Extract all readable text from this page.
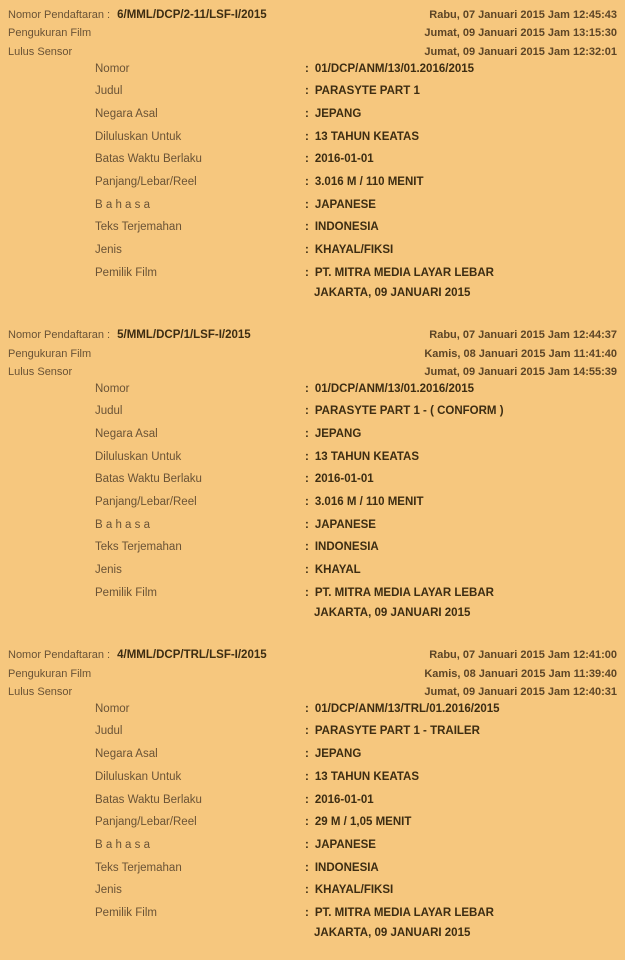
Nomor Pendaftaran : 6/MML/DCP/2-11/LSF-I/2015	Rabu, 07 Januari 2015 Jam 12:45:43
Pengukuran Film	Jumat, 09 Januari 2015 Jam 13:15:30
Lulus Sensor	Jumat, 09 Januari 2015 Jam 12:32:01
Nomor	: 01/DCP/ANM/13/01.2016/2015
Judul	: PARASYTE PART 1
Negara Asal	: JEPANG
Diluluskan Untuk	: 13 TAHUN KEATAS
Batas Waktu Berlaku	: 2016-01-01
Panjang/Lebar/Reel	: 3.016 M / 110 MENIT
B a h a s a	: JAPANESE
Teks Terjemahan	: INDONESIA
Jenis	: KHAYAL/FIKSI
Pemilik Film	: PT. MITRA MEDIA LAYAR LEBAR
JAKARTA, 09 JANUARI 2015
Nomor Pendaftaran : 5/MML/DCP/1/LSF-I/2015	Rabu, 07 Januari 2015 Jam 12:44:37
Pengukuran Film	Kamis, 08 Januari 2015 Jam 11:41:40
Lulus Sensor	Jumat, 09 Januari 2015 Jam 14:55:39
Nomor	: 01/DCP/ANM/13/01.2016/2015
Judul	: PARASYTE PART 1 - ( CONFORM )
Negara Asal	: JEPANG
Diluluskan Untuk	: 13 TAHUN KEATAS
Batas Waktu Berlaku	: 2016-01-01
Panjang/Lebar/Reel	: 3.016 M / 110 MENIT
B a h a s a	: JAPANESE
Teks Terjemahan	: INDONESIA
Jenis	: KHAYAL
Pemilik Film	: PT. MITRA MEDIA LAYAR LEBAR
JAKARTA, 09 JANUARI 2015
Nomor Pendaftaran : 4/MML/DCP/TRL/LSF-I/2015	Rabu, 07 Januari 2015 Jam 12:41:00
Pengukuran Film	Kamis, 08 Januari 2015 Jam 11:39:40
Lulus Sensor	Jumat, 09 Januari 2015 Jam 12:40:31
Nomor	: 01/DCP/ANM/13/TRL/01.2016/2015
Judul	: PARASYTE PART 1 - TRAILER
Negara Asal	: JEPANG
Diluluskan Untuk	: 13 TAHUN KEATAS
Batas Waktu Berlaku	: 2016-01-01
Panjang/Lebar/Reel	: 29 M / 1,05 MENIT
B a h a s a	: JAPANESE
Teks Terjemahan	: INDONESIA
Jenis	: KHAYAL/FIKSI
Pemilik Film	: PT. MITRA MEDIA LAYAR LEBAR
JAKARTA, 09 JANUARI 2015
